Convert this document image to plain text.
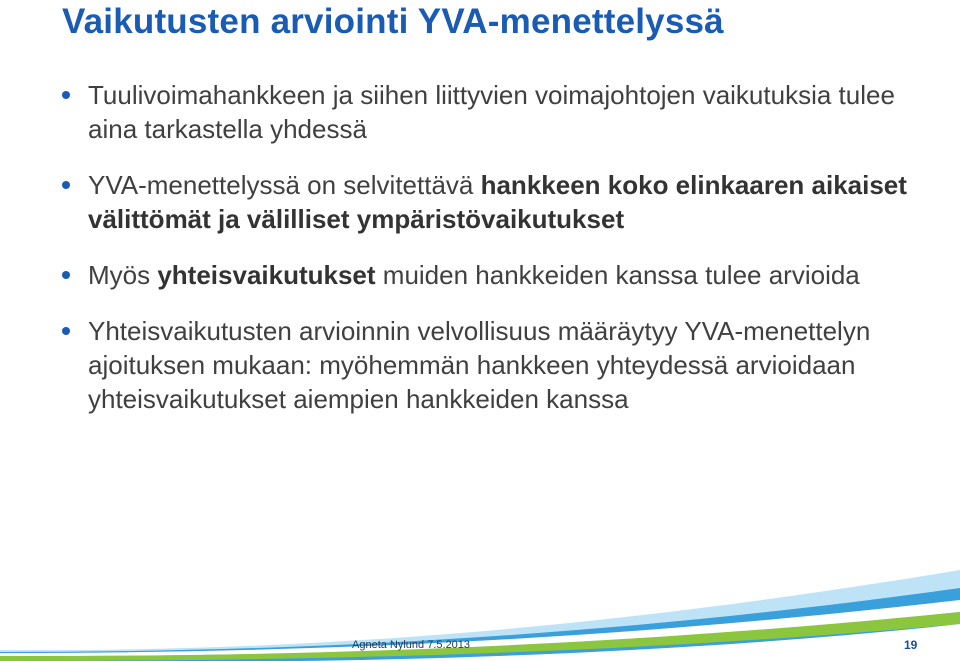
Vaikutusten arviointi YVA-menettelyssä
Tuulivoimahankkeen ja siihen liittyvien voimajohtojen vaikutuksia tulee aina tarkastella yhdessä
YVA-menettelyssä on selvitettävä hankkeen koko elinkaaren aikaiset välittömät ja välilliset ympäristövaikutukset
Myös yhteisvaikutukset muiden hankkeiden kanssa tulee arvioida
Yhteisvaikutusten arvioinnin velvollisuus määräytyy YVA-menettelyn ajoituksen mukaan: myöhemmän hankkeen yhteydessä arvioidaan yhteisvaikutukset aiempien hankkeiden kanssa
Agneta Nylund 7.5.2013	19
